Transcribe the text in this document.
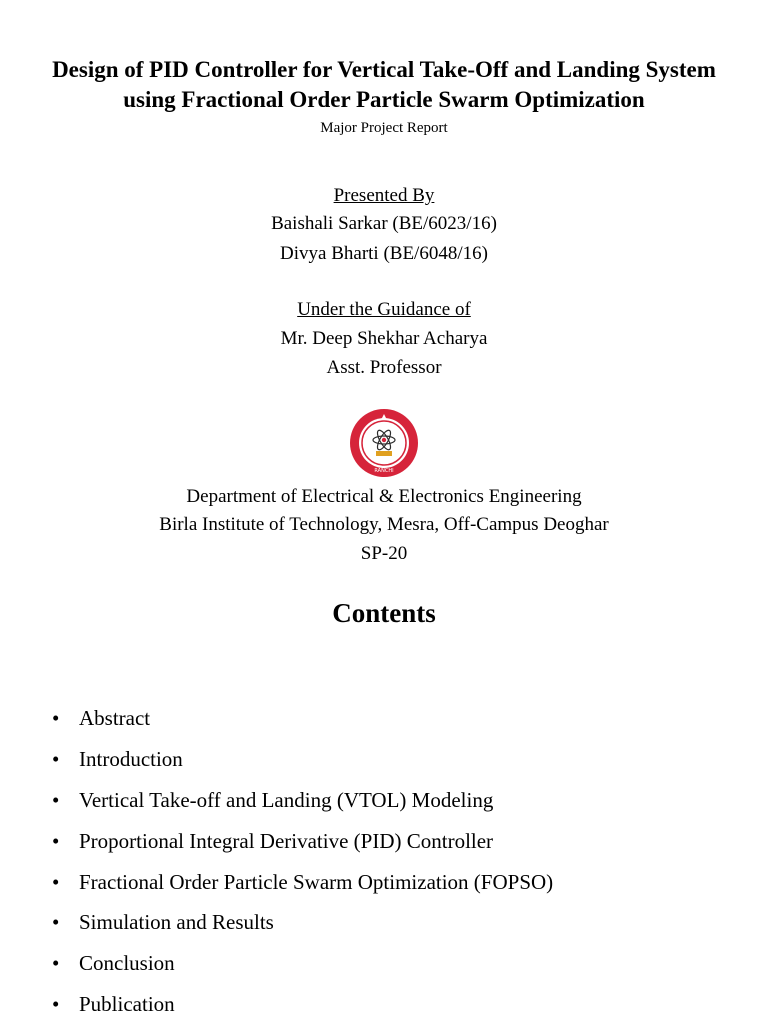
Design of PID Controller for Vertical Take-Off and Landing System
using Fractional Order Particle Swarm Optimization
Major Project Report
Presented By
Baishali Sarkar (BE/6023/16)
Divya Bharti (BE/6048/16)
Under the Guidance of
Mr. Deep Shekhar Acharya
Asst. Professor
RANCHI
Department of Electrical & Electronics Engineering
Birla Institute of Technology, Mesra, Off-Campus Deoghar
SP-20
Contents
• Abstract
• Introduction
• Vertical Take-off and Landing (VTOL) Modeling
• Proportional Integral Derivative (PID) Controller
• Fractional Order Particle Swarm Optimization (FOPSO)
• Simulation and Results
• Conclusion
• Publication
